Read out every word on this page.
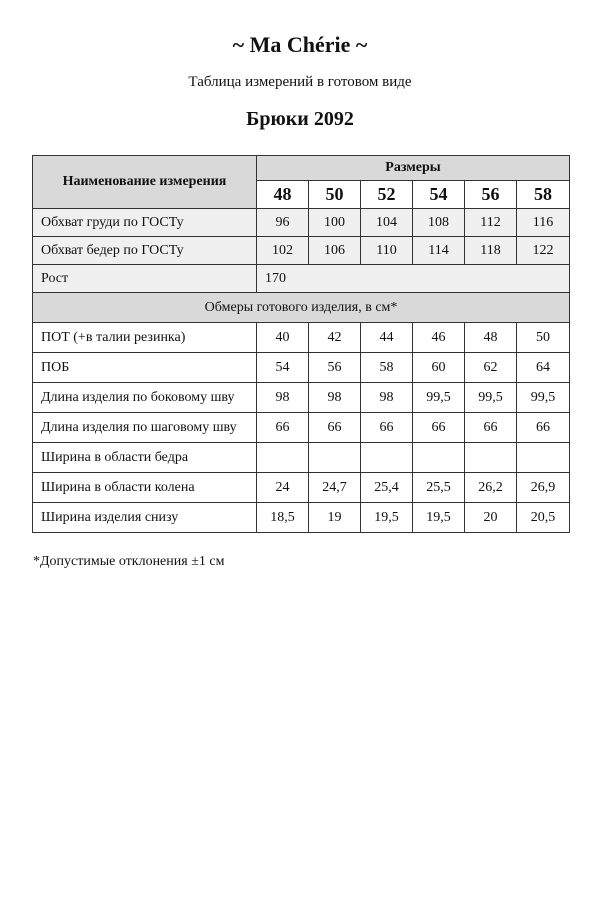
~ Ma Chérie ~
Таблица измерений в готовом виде
Брюки 2092
Наименование измерения	Размеры					
	48	50	52	54	56	58
Обхват груди по ГОСТу	96	100	104	108	112	116
Обхват бедер по ГОСТу	102	106	110	114	118	122
Рост	170					
Обмеры готового изделия, в см*						
ПОТ (+в талии резинка)	40	42	44	46	48	50
ПОБ	54	56	58	60	62	64
Длина изделия по боковому шву	98	98	98	99,5	99,5	99,5
Длина изделия по шаговому шву	66	66	66	66	66	66
Ширина в области бедра						
Ширина в области колена	24	24,7	25,4	25,5	26,2	26,9
Ширина изделия снизу	18,5	19	19,5	19,5	20	20,5
*Допустимые отклонения ±1 см
